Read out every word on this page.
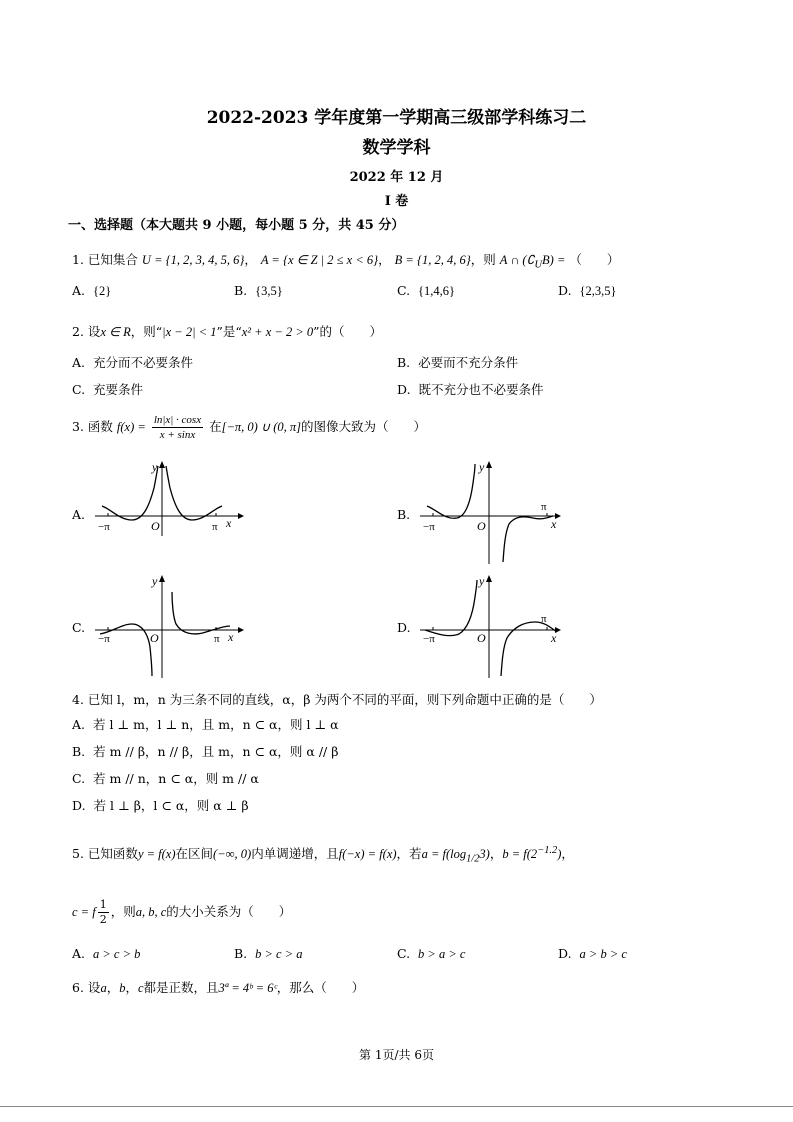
2022-2023 学年度第一学期高三级部学科练习二
数学学科
2022 年 12 月
I 卷
一、选择题（本大题共 9 小题，每小题 5 分，共 45 分）
1. 已知集合 U = {1, 2, 3, 4, 5, 6}， A = {x ∈ Z | 2 ≤ x < 6}， B = {1, 2, 4, 6}，则 A ∩ $(∁_UB)$ = （　　）
A. {2}	B. {3,5}	C. {1,4,6}	D. {2,3,5}
2. 设x ∈ R，则“|x − 2| < 1”是“x² + x − 2 > 0”的（　　）
A. 充分而不必要条件	B. 必要而不充分条件
C. 充要条件	D. 既不充分也不必要条件
3. 函数 $f(x) = \frac{\ln|x| \cdot \cos x}{x + \sin x}$ 在[−π, 0) ∪ (0, π]的图像大致为（　　）
A.	B.
C.	D.
−π	O	π x
y
−π	O
π
x
y
−π	O	π x
y
−π	O
π
x
y
4. 已知 l，m，n 为三条不同的直线，α，β 为两个不同的平面，则下列命题中正确的是（　　）
A. 若 l ⊥ m，l ⊥ n，且 m，n ⊂ α，则 l ⊥ α
B. 若 m // β，n // β，且 m，n ⊂ α，则 α // β
C. 若 m // n，n ⊂ α，则 m // α
D. 若 l ⊥ β，l ⊂ α，则 α ⊥ β
5. 已知函数y = f(x)在区间(−∞, 0)内单调递增，且f(−x) = f(x)，若$a = f(\log_{1/2}3)$，$b = f(2^{-1.2})$，
c = f $\frac{1}{2}$ ，则a, b, c的大小关系为（　　）
A. a > c > b	B. b > c > a	C. b > a > c	D. a > b > c
6. 设a，b，c都是正数，且3ª = 4ᵇ = 6ᶜ，那么（　　）
第 1页/共 6页
